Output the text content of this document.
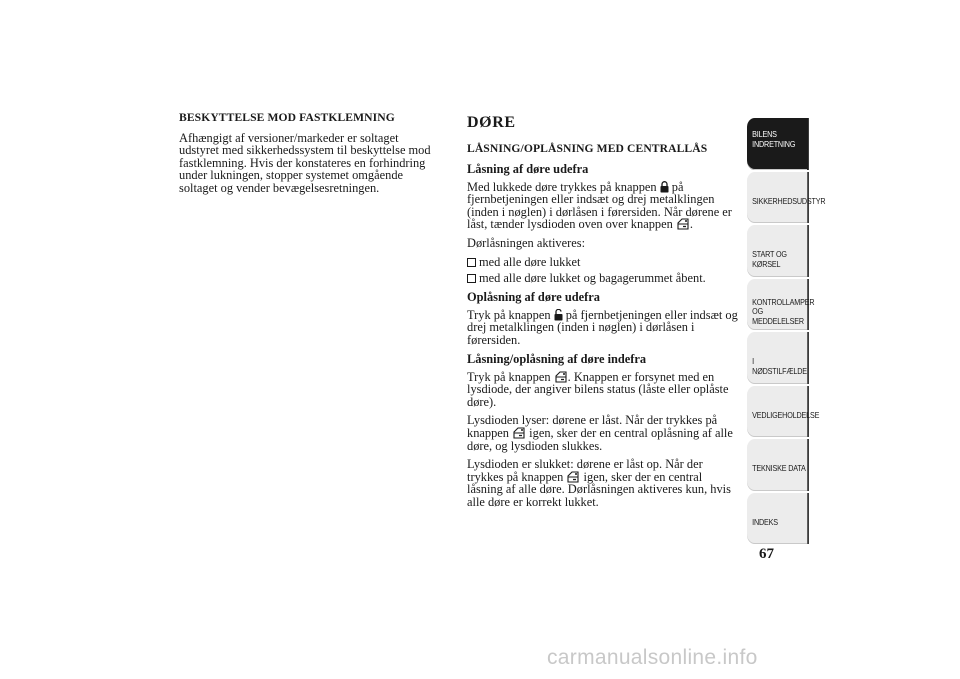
BESKYTTELSE MOD FASTKLEMNING

Afhængigt af versioner/markeder er soltaget udstyret med sikkerhedssystem til beskyttelse mod fastklemning. Hvis der konstateres en forhindring under lukningen, stopper systemet omgående soltaget og vender bevægelsesretningen.

DØRE
LÅSNING/OPLÅSNING MED CENTRALLÅS
Låsning af døre udefra

Med lukkede døre trykkes på knappen
på fjernbetjeningen eller indsæt og drej metalklingen (inden i nøglen) i dørlåsen i førersiden. Når dørene er låst, tænder lysdioden oven over knappen
.

Dørlåsningen aktiveres:

med alle døre lukket

med alle døre lukket og bagagerummet åbent.

Oplåsning af døre udefra

Tryk på knappen
på fjernbetjeningen eller indsæt og drej metalklingen (inden i nøglen) i dørlåsen i førersiden.

Låsning/oplåsning af døre indefra

Tryk på knappen
. Knappen er forsynet med en lysdiode, der angiver bilens status (låste eller oplåste døre).

Lysdioden lyser: dørene er låst. Når der trykkes på knappen
igen, sker der en central oplåsning af alle døre, og lysdioden slukkes.

Lysdioden er slukket: dørene er låst op. Når der trykkes på knappen
igen, sker der en central låsning af alle døre. Dørlåsningen aktiveres kun, hvis alle døre er korrekt lukket.

BILENS INDRETNING
SIKKERHEDSUDSTYR
START OG KØRSEL
KONTROLLAMPER OG MEDDELELSER
I NØDSTILFÆLDE
VEDLIGEHOLDELSE
TEKNISKE DATA
INDEKS
67
carmanualsonline.info
